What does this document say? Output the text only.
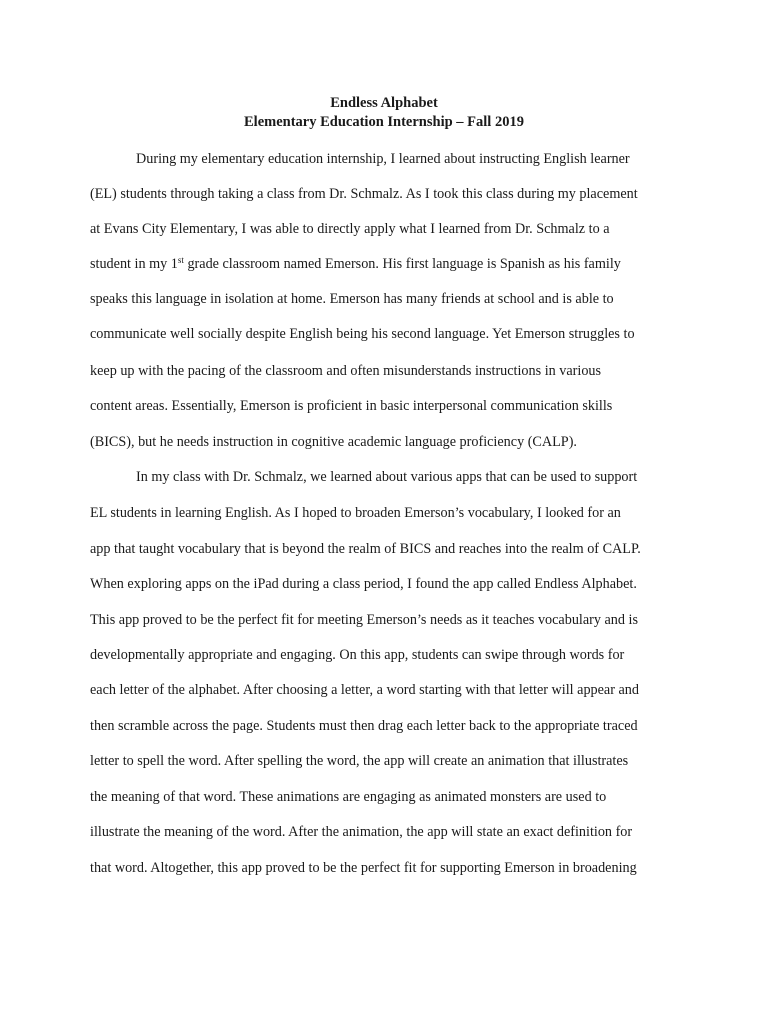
Endless Alphabet

Elementary Education Internship – Fall 2019

During my elementary education internship, I learned about instructing English learner

(EL) students through taking a class from Dr. Schmalz. As I took this class during my placement

at Evans City Elementary, I was able to directly apply what I learned from Dr. Schmalz to a

student in my 1st grade classroom named Emerson. His first language is Spanish as his family

speaks this language in isolation at home. Emerson has many friends at school and is able to

communicate well socially despite English being his second language. Yet Emerson struggles to

keep up with the pacing of the classroom and often misunderstands instructions in various

content areas. Essentially, Emerson is proficient in basic interpersonal communication skills

(BICS), but he needs instruction in cognitive academic language proficiency (CALP).

In my class with Dr. Schmalz, we learned about various apps that can be used to support

EL students in learning English. As I hoped to broaden Emerson’s vocabulary, I looked for an

app that taught vocabulary that is beyond the realm of BICS and reaches into the realm of CALP.

When exploring apps on the iPad during a class period, I found the app called Endless Alphabet.

This app proved to be the perfect fit for meeting Emerson’s needs as it teaches vocabulary and is

developmentally appropriate and engaging. On this app, students can swipe through words for

each letter of the alphabet. After choosing a letter, a word starting with that letter will appear and

then scramble across the page. Students must then drag each letter back to the appropriate traced

letter to spell the word. After spelling the word, the app will create an animation that illustrates

the meaning of that word. These animations are engaging as animated monsters are used to

illustrate the meaning of the word. After the animation, the app will state an exact definition for

that word. Altogether, this app proved to be the perfect fit for supporting Emerson in broadening
